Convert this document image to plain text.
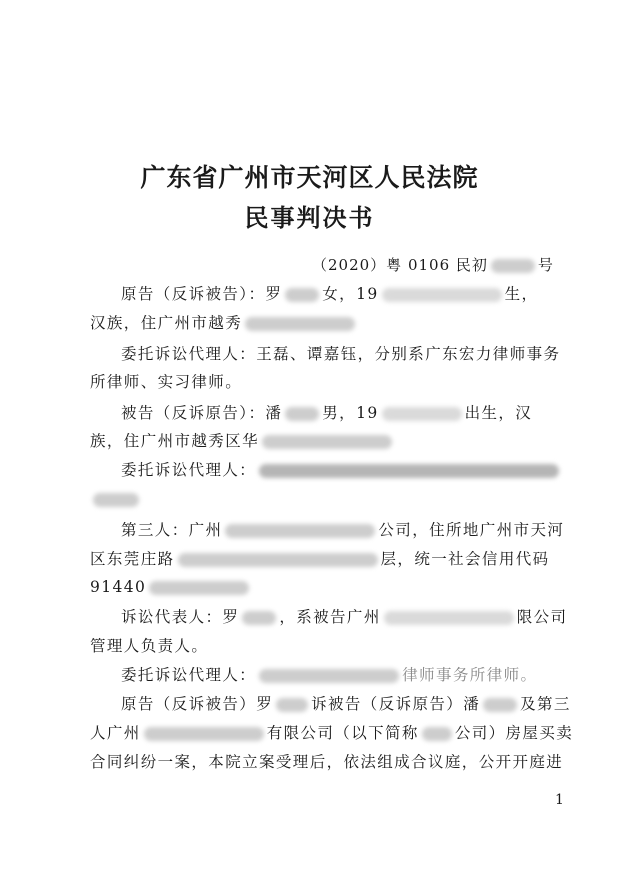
广东省广州市天河区人民法院
民事判决书
（2020）粤 0106 民初	号
原告（反诉被告）：罗	女，19	生，
汉族，住广州市越秀
委托诉讼代理人：王磊、谭嘉钰，分别系广东宏力律师事务
所律师、实习律师。
被告（反诉原告）：潘	男，19	出生，汉
族，住广州市越秀区华
委托诉讼代理人：
第三人：广州	公司，住所地广州市天河
区东莞庄路	层，统一社会信用代码
91440
诉讼代表人：罗	，系被告广州	限公司
管理人负责人。
委托诉讼代理人：	律师事务所律师。
原告（反诉被告）罗 诉被告（反诉原告）潘	及第三
人广州	有限公司（以下简称 公司）房屋买卖
合同纠纷一案，本院立案受理后，依法组成合议庭，公开开庭进
1
